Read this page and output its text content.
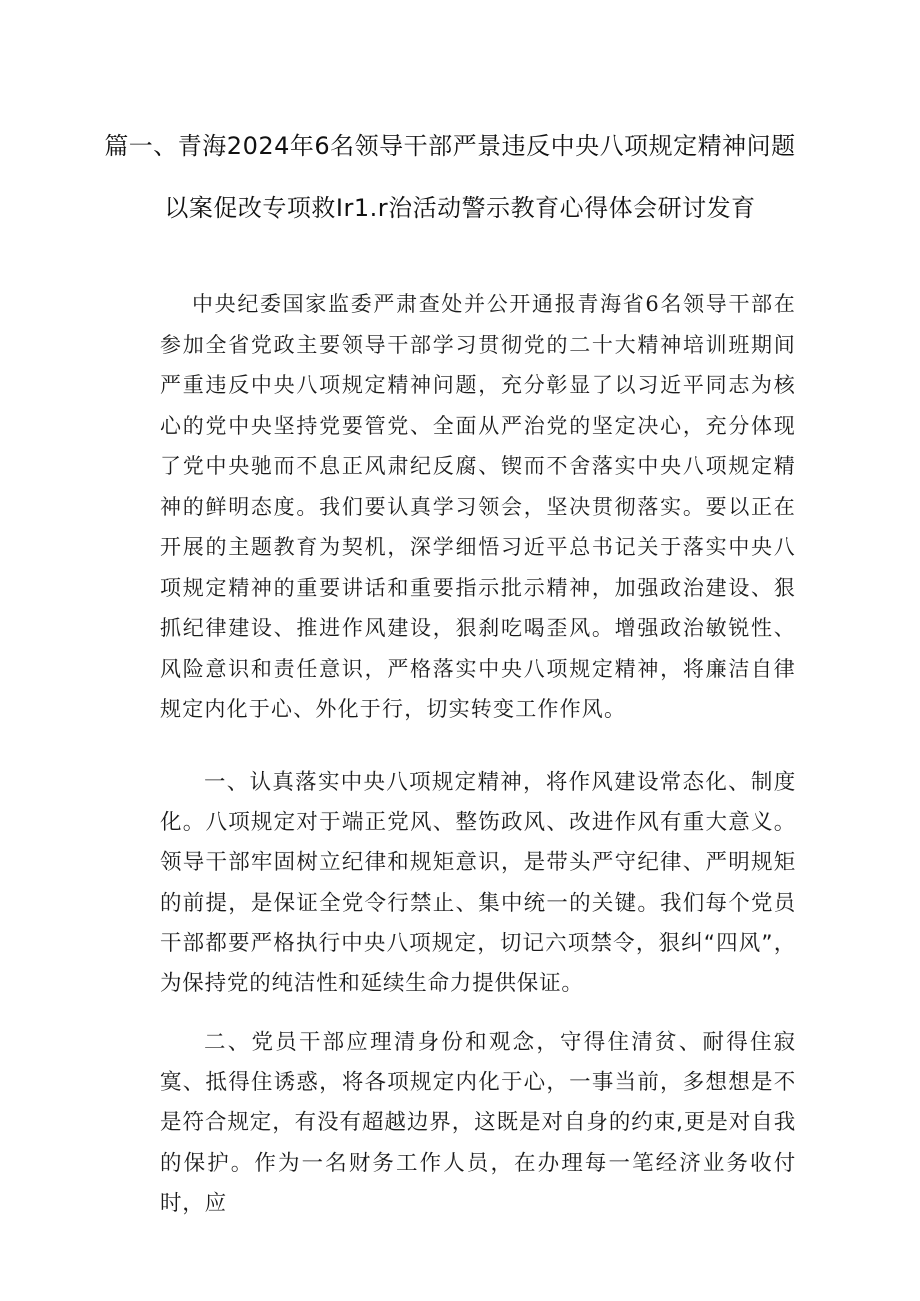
篇一、青海2024年6名领导干部严景违反中央八项规定精神问题
以案促改专项救Ir1.r治活动警示教育心得体会研讨发育

中央纪委国家监委严肃查处并公开通报青海省6名领导干部在参加全省党政主要领导干部学习贯彻党的二十大精神培训班期间严重违反中央八项规定精神问题，充分彰显了以习近平同志为核心的党中央坚持党要管党、全面从严治党的坚定决心，充分体现了党中央驰而不息正风肃纪反腐、锲而不舍落实中央八项规定精神的鲜明态度。我们要认真学习领会，坚决贯彻落实。要以正在开展的主题教育为契机，深学细悟习近平总书记关于落实中央八项规定精神的重要讲话和重要指示批示精神，加强政治建设、狠抓纪律建设、推进作风建设，狠刹吃喝歪风。增强政治敏锐性、风险意识和责任意识，严格落实中央八项规定精神，将廉洁自律规定内化于心、外化于行，切实转变工作作风。

一、认真落实中央八项规定精神，将作风建设常态化、制度化。八项规定对于端正党风、整饬政风、改进作风有重大意义。领导干部牢固树立纪律和规矩意识，是带头严守纪律、严明规矩的前提，是保证全党令行禁止、集中统一的关键。我们每个党员干部都要严格执行中央八项规定，切记六项禁令，狠纠“四风”，为保持党的纯洁性和延续生命力提供保证。

二、党员干部应理清身份和观念，守得住清贫、耐得住寂寞、抵得住诱惑，将各项规定内化于心，一事当前，多想想是不是符合规定，有没有超越边界，这既是对自身的约束,更是对自我的保护。作为一名财务工作人员，在办理每一笔经济业务收付时，应
